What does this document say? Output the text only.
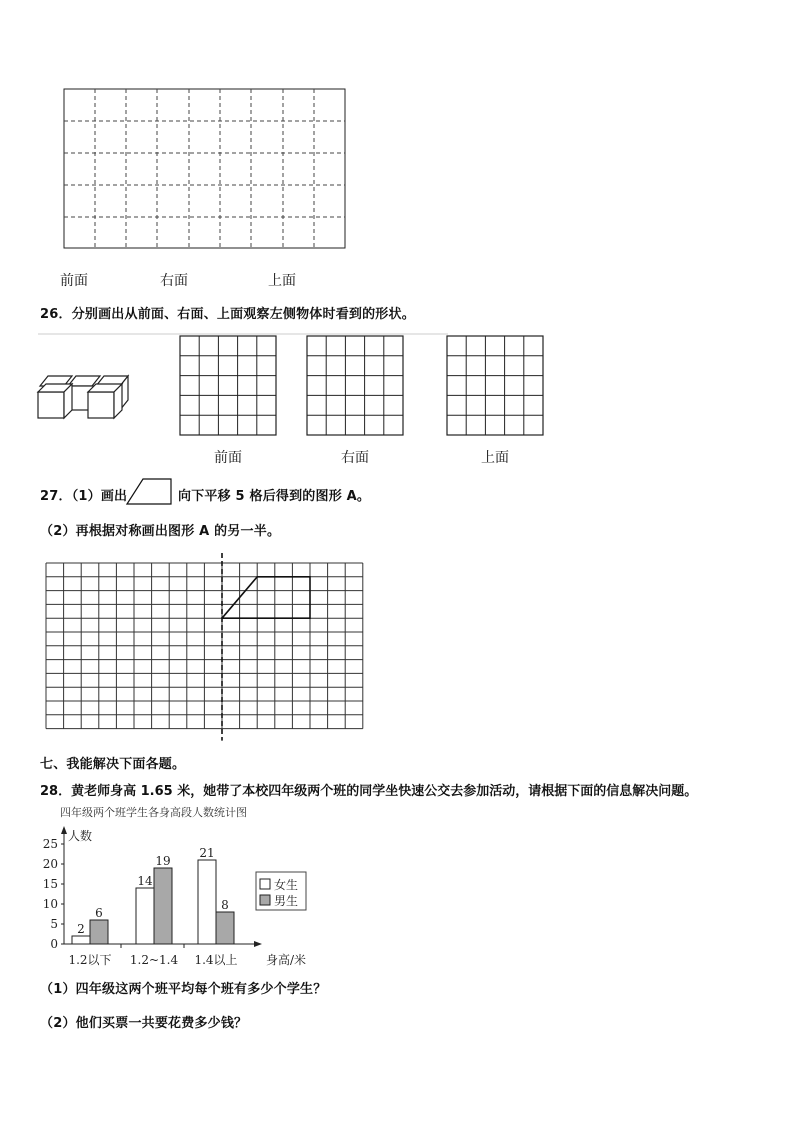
前面	右面	上面
26．分别画出从前面、右面、上面观察左侧物体时看到的形状。
前面	右面	上面
27．（1）画出	向下平移 5 格后得到的图形 A。
（2）再根据对称画出图形 A 的另一半。
七、我能解决下面各题。
28．黄老师身高 1.65 米，她带了本校四年级两个班的同学坐快速公交去参加活动，请根据下面的信息解决问题。
四年级两个班学生各身高段人数统计图
人数
身高/米
0
5
10
15
20
25
2
6
1.2以下
14
19
1.2~1.4
21
8
1.4以上
女生
男生
（1）四年级这两个班平均每个班有多少个学生？
（2）他们买票一共要花费多少钱？
